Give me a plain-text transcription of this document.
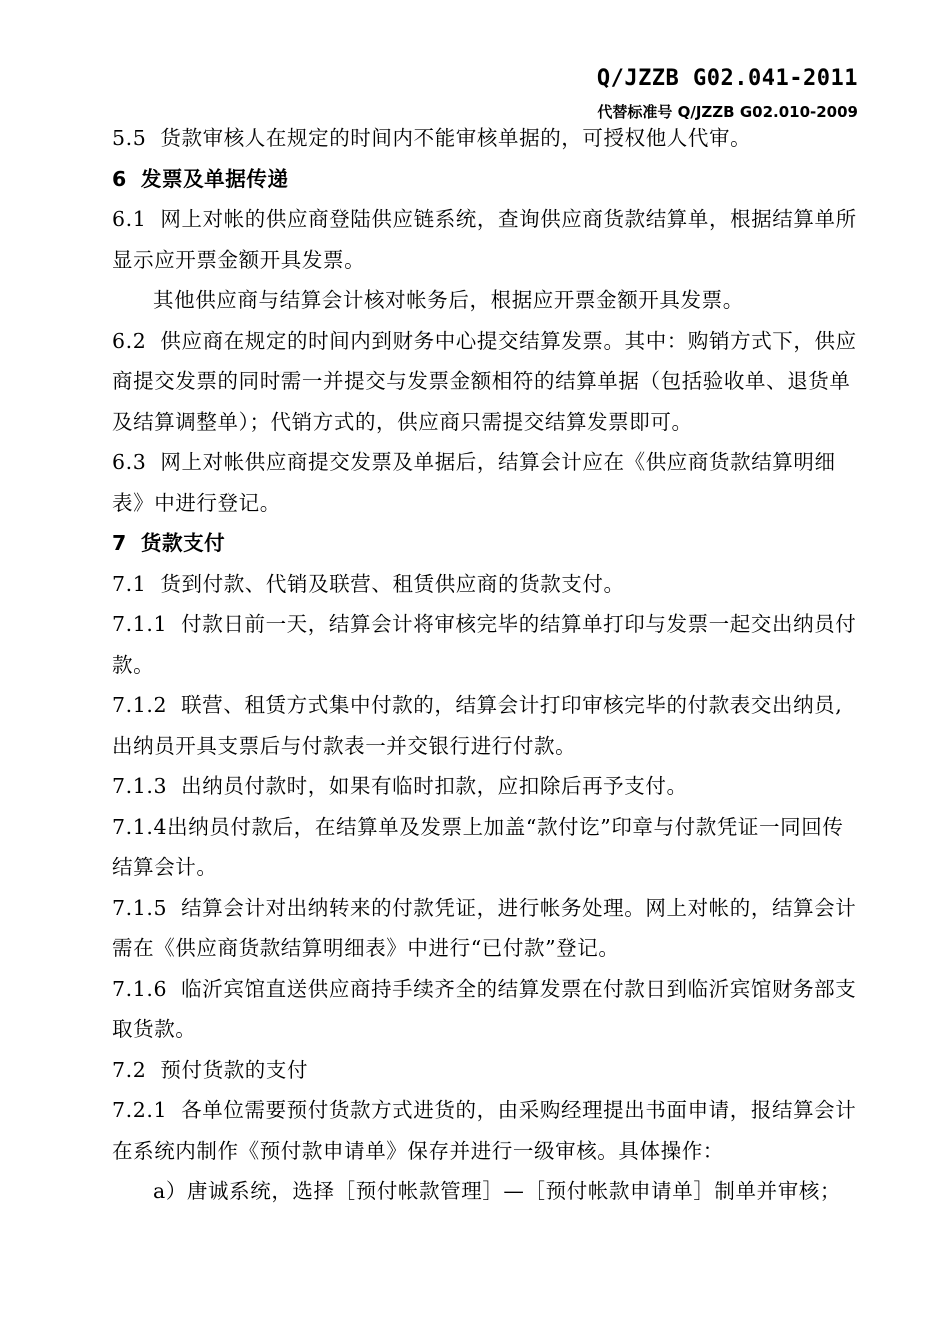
Q/JZZB G02.041-2011
代替标准号 Q/JZZB G02.010-2009

5.5 货款审核人在规定的时间内不能审核单据的，可授权他人代审。

6 发票及单据传递

6.1 网上对帐的供应商登陆供应链系统，查询供应商货款结算单，根据结算单所显示应开票金额开具发票。

其他供应商与结算会计核对帐务后，根据应开票金额开具发票。

6.2 供应商在规定的时间内到财务中心提交结算发票。其中：购销方式下，供应商提交发票的同时需一并提交与发票金额相符的结算单据（包括验收单、退货单及结算调整单）；代销方式的，供应商只需提交结算发票即可。

6.3 网上对帐供应商提交发票及单据后，结算会计应在《供应商货款结算明细表》中进行登记。

7 货款支付

7.1 货到付款、代销及联营、租赁供应商的货款支付。

7.1.1 付款日前一天，结算会计将审核完毕的结算单打印与发票一起交出纳员付款。

7.1.2 联营、租赁方式集中付款的，结算会计打印审核完毕的付款表交出纳员,出纳员开具支票后与付款表一并交银行进行付款。

7.1.3 出纳员付款时，如果有临时扣款，应扣除后再予支付。

7.1.4出纳员付款后，在结算单及发票上加盖“款付讫”印章与付款凭证一同回传结算会计。

7.1.5 结算会计对出纳转来的付款凭证，进行帐务处理。网上对帐的，结算会计需在《供应商货款结算明细表》中进行“已付款”登记。

7.1.6 临沂宾馆直送供应商持手续齐全的结算发票在付款日到临沂宾馆财务部支取货款。

7.2 预付货款的支付

7.2.1 各单位需要预付货款方式进货的，由采购经理提出书面申请，报结算会计在系统内制作《预付款申请单》保存并进行一级审核。具体操作：

a）唐诚系统，选择［预付帐款管理］—［预付帐款申请单］制单并审核；
